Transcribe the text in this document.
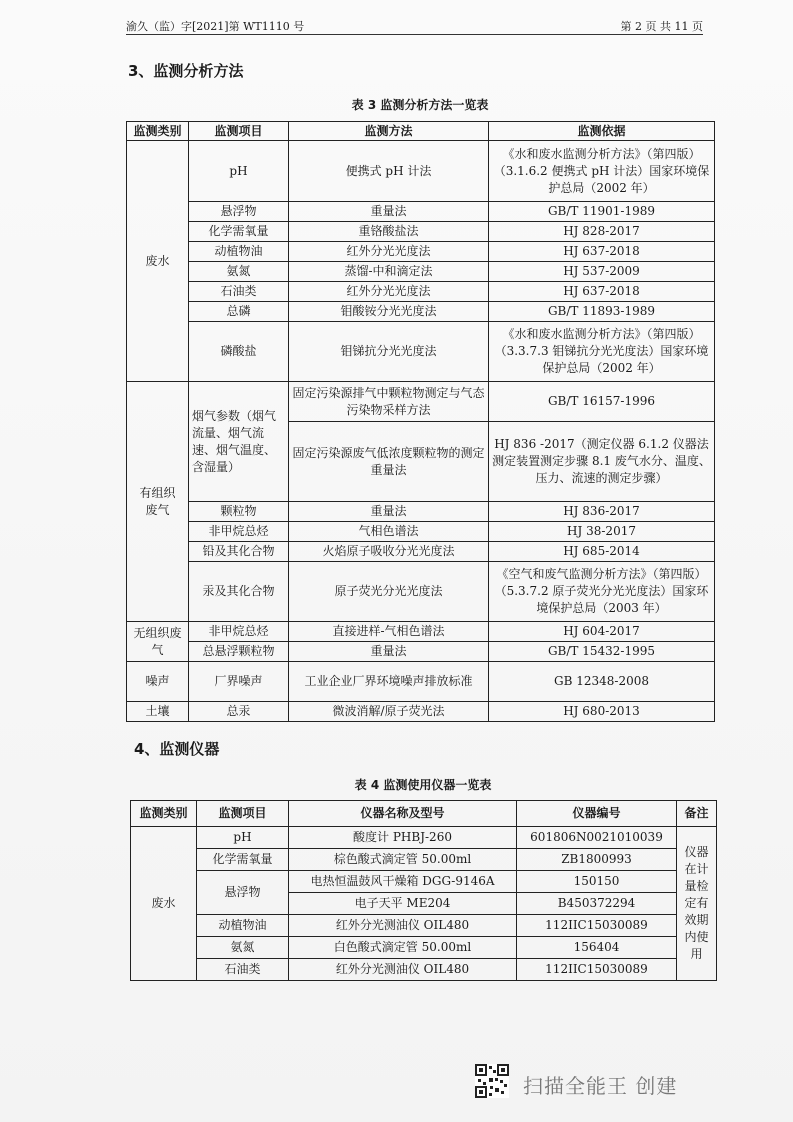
渝久（监）字[2021]第 WT1110 号	第 2 页 共 11 页
3、监测分析方法
表 3 监测分析方法一览表
监测类别	监测项目	监测方法	监测依据
废水	pH	便携式 pH 计法	《水和废水监测分析方法》（第四版）（3.1.6.2 便携式 pH 计法）国家环境保护总局（2002 年）
	悬浮物	重量法	GB/T 11901-1989
	化学需氧量	重铬酸盐法	HJ 828-2017
	动植物油	红外分光光度法	HJ 637-2018
	氨氮	蒸馏-中和滴定法	HJ 537-2009
	石油类	红外分光光度法	HJ 637-2018
	总磷	钼酸铵分光光度法	GB/T 11893-1989
	磷酸盐	钼锑抗分光光度法	《水和废水监测分析方法》（第四版）（3.3.7.3 钼锑抗分光光度法）国家环境保护总局（2002 年）
有组织废气	烟气参数（烟气流量、烟气流速、烟气温度、含湿量）	固定污染源排气中颗粒物测定与气态污染物采样方法	GB/T 16157-1996
		固定污染源废气低浓度颗粒物的测定重量法	HJ 836 -2017（测定仪器 6.1.2 仪器法测定装置测定步骤 8.1 废气水分、温度、压力、流速的测定步骤）
	颗粒物	重量法	HJ 836-2017
	非甲烷总烃	气相色谱法	HJ 38-2017
	铅及其化合物	火焰原子吸收分光光度法	HJ 685-2014
	汞及其化合物	原子荧光分光光度法	《空气和废气监测分析方法》（第四版）（5.3.7.2 原子荧光分光光度法）国家环境保护总局（2003 年）
无组织废气	非甲烷总烃	直接进样-气相色谱法	HJ 604-2017
	总悬浮颗粒物	重量法	GB/T 15432-1995
噪声	厂界噪声	工业企业厂界环境噪声排放标准	GB 12348-2008
土壤	总汞	微波消解/原子荧光法	HJ 680-2013
4、监测仪器
表 4 监测使用仪器一览表
监测类别	监测项目	仪器名称及型号	仪器编号	备注
废水	pH	酸度计 PHBJ-260	601806N0021010039	仪器在计量检定有效期内使用
	化学需氧量	棕色酸式滴定管 50.00ml	ZB1800993	
	悬浮物	电热恒温鼓风干燥箱 DGG-9146A	150150	
		电子天平 ME204	B450372294	
	动植物油	红外分光测油仪 OIL480	112IIC15030089	
	氨氮	白色酸式滴定管 50.00ml	156404	
	石油类	红外分光测油仪 OIL480	112IIC15030089	
扫描全能王 创建
